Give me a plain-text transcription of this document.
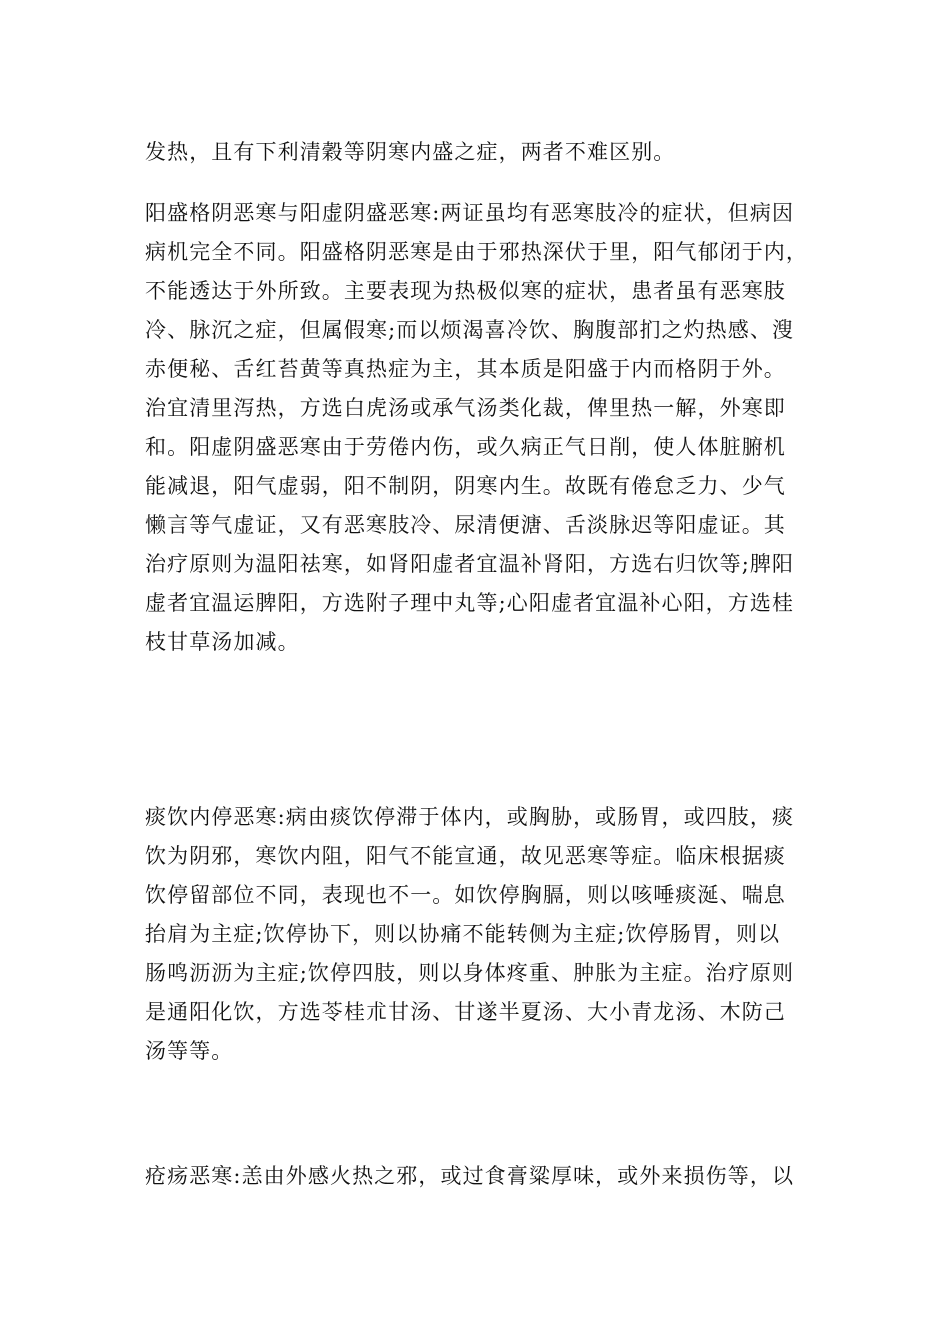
发热，且有下利清穀等阴寒内盛之症，两者不难区别。

阳盛格阴恶寒与阳虚阴盛恶寒:两证虽均有恶寒肢冷的症状，但病因
病机完全不同。阳盛格阴恶寒是由于邪热深伏于里，阳气郁闭于内，
不能透达于外所致。主要表现为热极似寒的症状，患者虽有恶寒肢
冷、脉沉之症，但属假寒;而以烦渴喜冷饮、胸腹部扪之灼热感、溲
赤便秘、舌红苔黄等真热症为主，其本质是阳盛于内而格阴于外。
治宜清里泻热，方选白虎汤或承气汤类化裁，俾里热一解，外寒即
和。阳虚阴盛恶寒由于劳倦内伤，或久病正气日削，使人体脏腑机
能减退，阳气虚弱，阳不制阴，阴寒内生。故既有倦怠乏力、少气
懒言等气虚证，又有恶寒肢冷、尿清便溏、舌淡脉迟等阳虚证。其
治疗原则为温阳祛寒，如肾阳虚者宜温补肾阳，方选右归饮等;脾阳
虚者宜温运脾阳，方选附子理中丸等;心阳虚者宜温补心阳，方选桂
枝甘草汤加减。

痰饮内停恶寒:病由痰饮停滞于体内，或胸胁，或肠胃，或四肢，痰
饮为阴邪，寒饮内阻，阳气不能宣通，故见恶寒等症。临床根据痰
饮停留部位不同，表现也不一。如饮停胸膈，则以咳唾痰涎、喘息
抬肩为主症;饮停协下，则以协痛不能转侧为主症;饮停肠胃，则以
肠鸣沥沥为主症;饮停四肢，则以身体疼重、肿胀为主症。治疗原则
是通阳化饮，方选苓桂朮甘汤、甘遂半夏汤、大小青龙汤、木防己
汤等等。

疮疡恶寒:恙由外感火热之邪，或过食膏粱厚味，或外来损伤等，以
